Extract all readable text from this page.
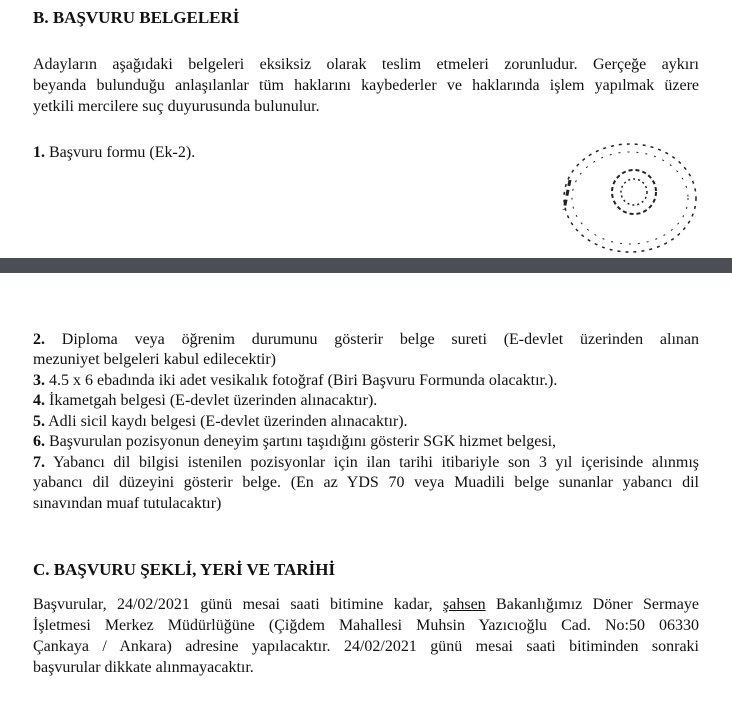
B. BAŞVURU BELGELERİ
Adayların aşağıdaki belgeleri eksiksiz olarak teslim etmeleri zorunludur. Gerçeğe aykırı
beyanda bulunduğu anlaşılanlar tüm haklarını kaybederler ve haklarında işlem yapılmak üzere
yetkili mercilere suç duyurusunda bulunulur.
1. Başvuru formu (Ek-2).
2. Diploma veya öğrenim durumunu gösterir belge sureti (E-devlet üzerinden alınan
mezuniyet belgeleri kabul edilecektir)
3. 4.5 x 6 ebadında iki adet vesikalık fotoğraf (Biri Başvuru Formunda olacaktır.).
4. İkametgah belgesi (E-devlet üzerinden alınacaktır).
5. Adli sicil kaydı belgesi (E-devlet üzerinden alınacaktır).
6. Başvurulan pozisyonun deneyim şartını taşıdığını gösterir SGK hizmet belgesi,
7. Yabancı dil bilgisi istenilen pozisyonlar için ilan tarihi itibariyle son 3 yıl içerisinde alınmış
yabancı dil düzeyini gösterir belge. (En az YDS 70 veya Muadili belge sunanlar yabancı dil
sınavından muaf tutulacaktır)
C. BAŞVURU ŞEKLİ, YERİ VE TARİHİ
Başvurular, 24/02/2021 günü mesai saati bitimine kadar, şahsen Bakanlığımız Döner Sermaye
İşletmesi Merkez Müdürlüğüne (Çiğdem Mahallesi Muhsin Yazıcıoğlu Cad. No:50 06330
Çankaya / Ankara) adresine yapılacaktır. 24/02/2021 günü mesai saati bitiminden sonraki
başvurular dikkate alınmayacaktır.
